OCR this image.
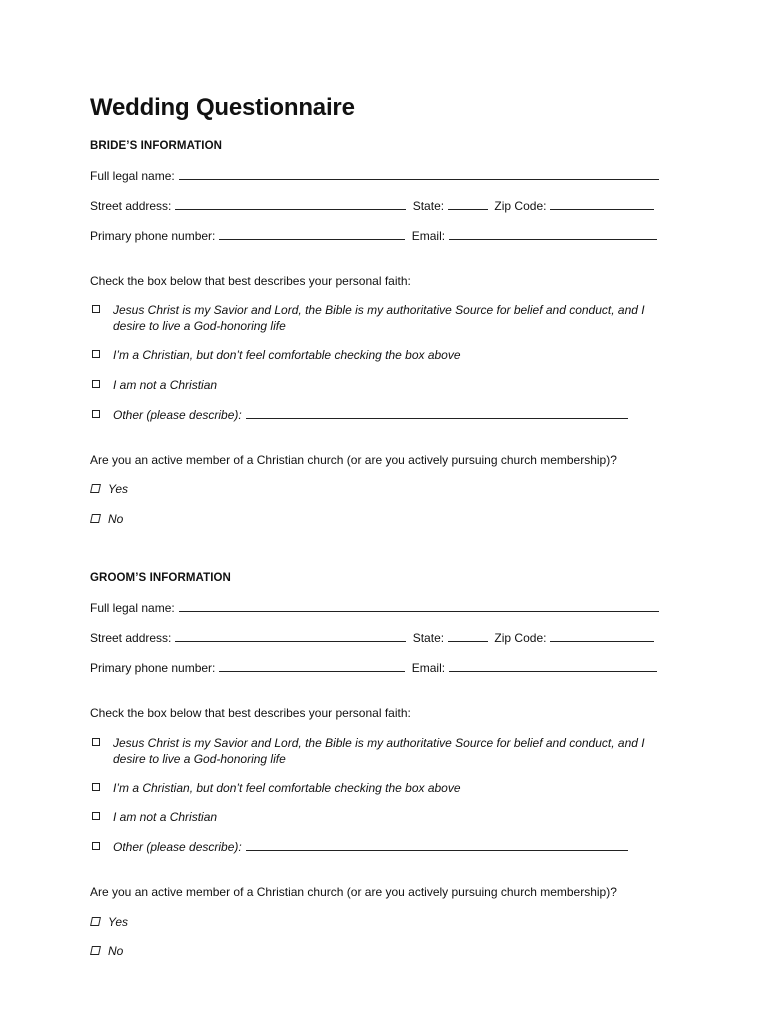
Wedding Questionnaire

BRIDE’S INFORMATION

Full legal name:
Street address:	State:	Zip Code:
Primary phone number:	Email:
Check the box below that best describes your personal faith:
Jesus Christ is my Savior and Lord, the Bible is my authoritative Source for belief and conduct, and I desire to live a God-honoring life
I’m a Christian, but don’t feel comfortable checking the box above
I am not a Christian
Other (please describe):
Are you an active member of a Christian church (or are you actively pursuing church membership)?
Yes
No

GROOM’S INFORMATION

Full legal name:
Street address:	State:	Zip Code:
Primary phone number:	Email:
Check the box below that best describes your personal faith:
Jesus Christ is my Savior and Lord, the Bible is my authoritative Source for belief and conduct, and I desire to live a God-honoring life
I’m a Christian, but don’t feel comfortable checking the box above
I am not a Christian
Other (please describe):
Are you an active member of a Christian church (or are you actively pursuing church membership)?
Yes
No
